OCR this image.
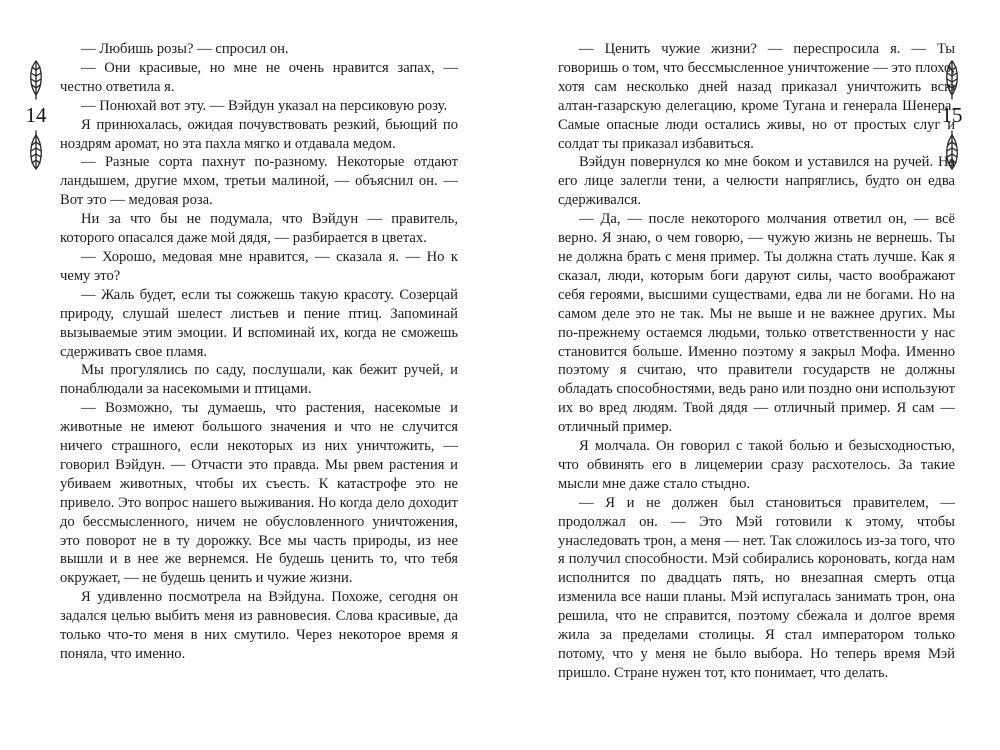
14

— Любишь розы? — спросил он.

— Они красивые, но мне не очень нравится запах, — честно ответила я.

— Понюхай вот эту. — Вэйдун указал на персиковую розу.

Я принюхалась, ожидая почувствовать резкий, бьющий по ноздрям аромат, но эта пахла мягко и отдавала медом.

— Разные сорта пахнут по-разному. Некоторые отдают ландышем, другие мхом, третьи малиной, — объяснил он. — Вот это — медовая роза.

Ни за что бы не подумала, что Вэйдун — правитель, которого опасался даже мой дядя, — разбирается в цветах.

— Хорошо, медовая мне нравится, — сказала я. — Но к чему это?

— Жаль будет, если ты сожжешь такую красоту. Созерцай природу, слушай шелест листьев и пение птиц. Запоминай вызываемые этим эмоции. И вспоминай их, когда не сможешь сдерживать свое пламя.

Мы прогулялись по саду, послушали, как бежит ручей, и понаблюдали за насекомыми и птицами.

— Возможно, ты думаешь, что растения, насекомые и животные не имеют большого значения и что не случится ничего страшного, если некоторых из них уничтожить, — говорил Вэйдун. — Отчасти это правда. Мы рвем растения и убиваем животных, чтобы их съесть. К катастрофе это не привело. Это вопрос нашего выживания. Но когда дело доходит до бессмысленного, ничем не обусловленного уничтожения, это поворот не в ту дорожку. Все мы часть природы, из нее вышли и в нее же вернемся. Не будешь ценить то, что тебя окружает, — не будешь ценить и чужие жизни.

Я удивленно посмотрела на Вэйдуна. Похоже, сегодня он задался целью выбить меня из равновесия. Слова красивые, да только что-то меня в них смутило. Через некоторое время я поняла, что именно.

15

— Ценить чужие жизни? — переспросила я. — Ты говоришь о том, что бессмысленное уничтожение — это плохо, хотя сам несколько дней назад приказал уничтожить всю алтан-газарскую делегацию, кроме Тугана и генерала Шенера. Самые опасные люди остались живы, но от простых слуг и солдат ты приказал избавиться.

Вэйдун повернулся ко мне боком и уставился на ручей. На его лице залегли тени, а челюсти напряглись, будто он едва сдерживался.

— Да, — после некоторого молчания ответил он, — всё верно. Я знаю, о чем говорю, — чужую жизнь не вернешь. Ты не должна брать с меня пример. Ты должна стать лучше. Как я сказал, люди, которым боги даруют силы, часто воображают себя героями, высшими существами, едва ли не богами. Но на самом деле это не так. Мы не выше и не важнее других. Мы по-прежнему остаемся людьми, только ответственности у нас становится больше. Именно поэтому я закрыл Мофа. Именно поэтому я считаю, что правители государств не должны обладать способностями, ведь рано или поздно они используют их во вред людям. Твой дядя — отличный пример. Я сам — отличный пример.

Я молчала. Он говорил с такой болью и безысходностью, что обвинять его в лицемерии сразу расхотелось. За такие мысли мне даже стало стыдно.

— Я и не должен был становиться правителем, — продолжал он. — Это Мэй готовили к этому, чтобы унаследовать трон, а меня — нет. Так сложилось из-за того, что я получил способности. Мэй собирались короновать, когда нам исполнится по двадцать пять, но внезапная смерть отца изменила все наши планы. Мэй испугалась занимать трон, она решила, что не справится, поэтому сбежала и долгое время жила за пределами столицы. Я стал императором только потому, что у меня не было выбора. Но теперь время Мэй пришло. Стране нужен тот, кто понимает, что делать.
